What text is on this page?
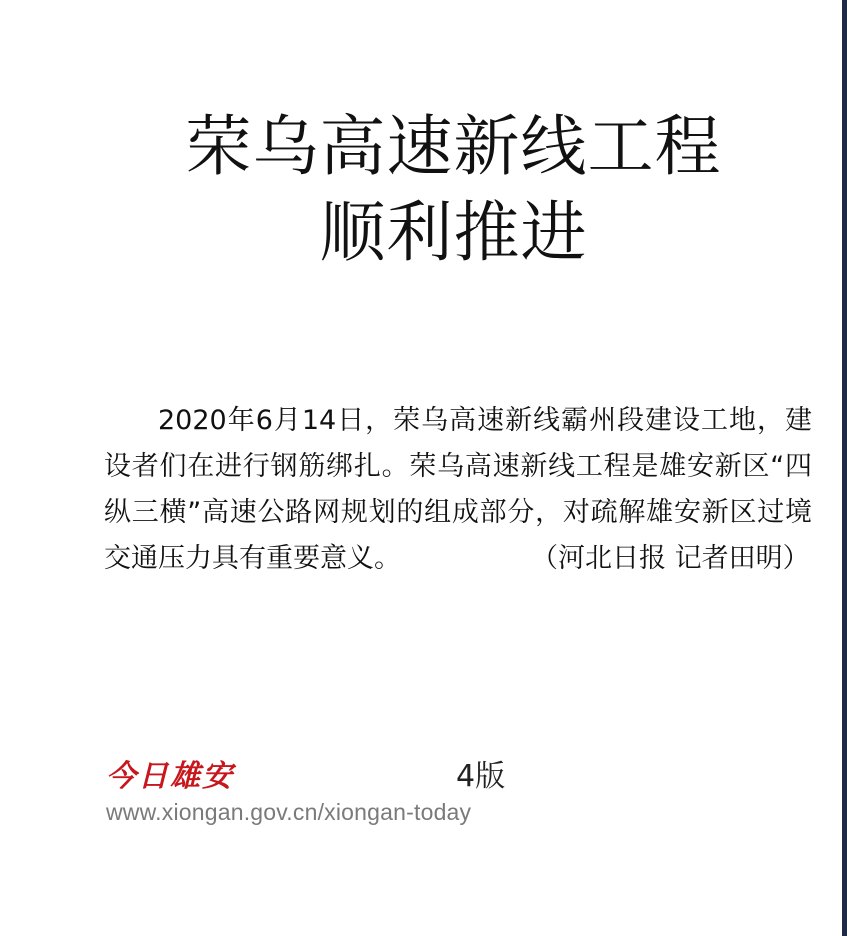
荣乌高速新线工程
顺利推进

2020年6月14日，荣乌高速新线霸州段建设工地，建设者们在进行钢筋绑扎。荣乌高速新线工程是雄安新区“四纵三横”高速公路网规划的组成部分，对疏解雄安新区过境交通压力具有重要意义。	（河北日报 记者田明）

今日雄安	4版
www.xiongan.gov.cn/xiongan-today
